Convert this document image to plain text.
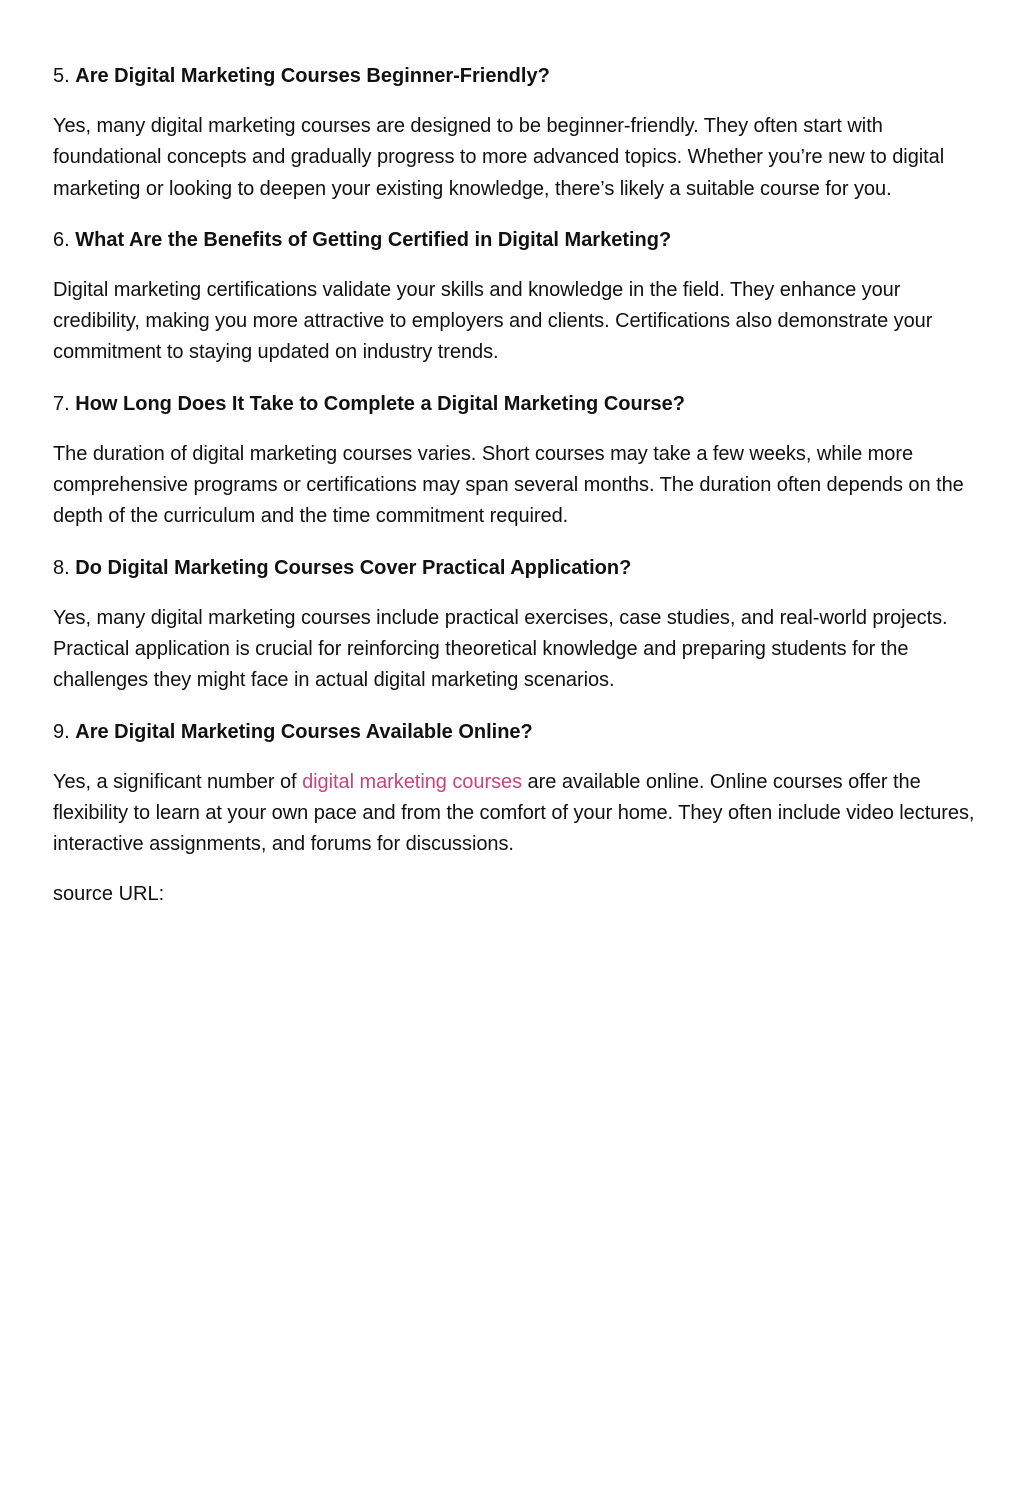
5. Are Digital Marketing Courses Beginner-Friendly?

Yes, many digital marketing courses are designed to be beginner-friendly. They often start with foundational concepts and gradually progress to more advanced topics. Whether you’re new to digital marketing or looking to deepen your existing knowledge, there’s likely a suitable course for you.

6. What Are the Benefits of Getting Certified in Digital Marketing?

Digital marketing certifications validate your skills and knowledge in the field. They enhance your credibility, making you more attractive to employers and clients. Certifications also demonstrate your commitment to staying updated on industry trends.

7. How Long Does It Take to Complete a Digital Marketing Course?

The duration of digital marketing courses varies. Short courses may take a few weeks, while more comprehensive programs or certifications may span several months. The duration often depends on the depth of the curriculum and the time commitment required.

8. Do Digital Marketing Courses Cover Practical Application?

Yes, many digital marketing courses include practical exercises, case studies, and real-world projects. Practical application is crucial for reinforcing theoretical knowledge and preparing students for the challenges they might face in actual digital marketing scenarios.

9. Are Digital Marketing Courses Available Online?

Yes, a significant number of digital marketing courses are available online. Online courses offer the flexibility to learn at your own pace and from the comfort of your home. They often include video lectures, interactive assignments, and forums for discussions.

source URL:
